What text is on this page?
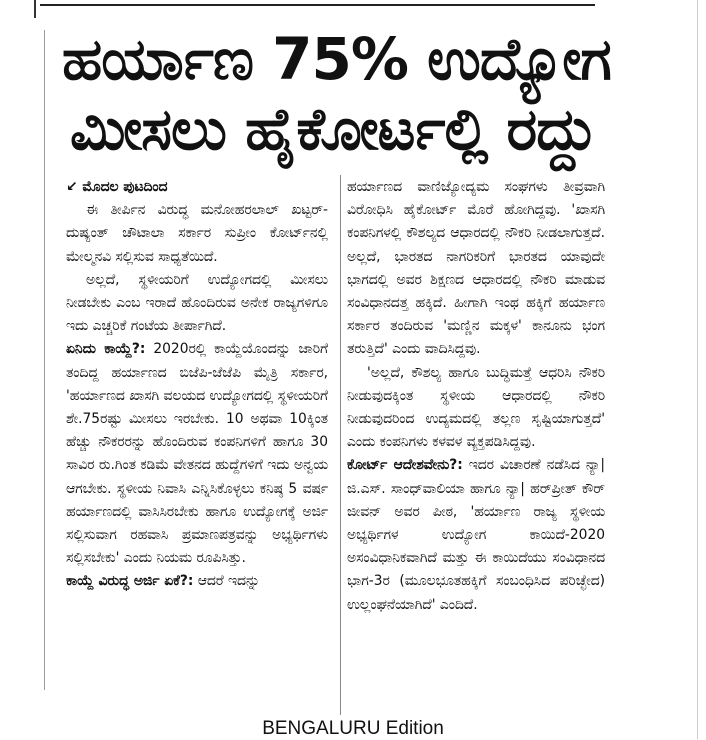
ಹರ್ಯಾಣ 75% ಉದ್ಯೋಗ
ಮೀಸಲು ಹೈಕೋರ್ಟಲ್ಲಿ ರದ್ದು

↙ ಮೊದಲ ಪುಟದಿಂದ

ಈ ತೀರ್ಪಿನ ವಿರುದ್ಧ ಮನೋಹರಲಾಲ್ ಖಟ್ಟರ್-ದುಷ್ಯಂತ್ ಚೌಟಾಲಾ ಸರ್ಕಾರ ಸುಪ್ರೀಂ ಕೋರ್ಟ್‌ನಲ್ಲಿ ಮೇಲ್ಮನವಿ ಸಲ್ಲಿಸುವ ಸಾಧ್ಯತೆಯಿದೆ.

ಅಲ್ಲದೆ, ಸ್ಥಳೀಯರಿಗೆ ಉದ್ಯೋಗದಲ್ಲಿ ಮೀಸಲು ನೀಡಬೇಕು ಎಂಬ ಇರಾದೆ ಹೊಂದಿರುವ ಅನೇಕ ರಾಜ್ಯಗಳಿಗೂ ಇದು ಎಚ್ಚರಿಕೆ ಗಂಟೆಯ ತೀರ್ಪಾಗಿದೆ.

ಏನಿದು ಕಾಯ್ದೆ?: 2020ರಲ್ಲಿ ಕಾಯ್ದೆಯೊಂದನ್ನು ಜಾರಿಗೆ ತಂದಿದ್ದ ಹರ್ಯಾಣದ ಬಿಜೆಪಿ-ಜೆಜೆಪಿ ಮೈತ್ರಿ ಸರ್ಕಾರ, 'ಹರ್ಯಾಣದ ಖಾಸಗಿ ವಲಯದ ಉದ್ಯೋಗದಲ್ಲಿ ಸ್ಥಳೀಯರಿಗೆ ಶೇ.75ರಷ್ಟು ಮೀಸಲು ಇರಬೇಕು. 10 ಅಥವಾ 10ಕ್ಕಿಂತ ಹೆಚ್ಚು ನೌಕರರನ್ನು ಹೊಂದಿರುವ ಕಂಪನಿಗಳಿಗೆ ಹಾಗೂ 30 ಸಾವಿರ ರು.ಗಿಂತ ಕಡಿಮೆ ವೇತನದ ಹುದ್ದೆಗಳಿಗೆ ಇದು ಅನ್ವಯ ಆಗಬೇಕು. ಸ್ಥಳೀಯ ನಿವಾಸಿ ಎನ್ನಿಸಿಕೊಳ್ಳಲು ಕನಿಷ್ಠ 5 ವರ್ಷ ಹರ್ಯಾಣದಲ್ಲಿ ವಾಸಿಸಿರಬೇಕು ಹಾಗೂ ಉದ್ಯೋಗಕ್ಕೆ ಅರ್ಜಿ ಸಲ್ಲಿಸುವಾಗ ರಹವಾಸಿ ಪ್ರಮಾಣಪತ್ರವನ್ನು ಅಭ್ಯರ್ಥಿಗಳು ಸಲ್ಲಿಸಬೇಕು' ಎಂದು ನಿಯಮ ರೂಪಿಸಿತ್ತು.

ಕಾಯ್ದೆ ವಿರುದ್ಧ ಅರ್ಜಿ ಏಕೆ?: ಆದರೆ ಇದನ್ನು

ಹರ್ಯಾಣದ ವಾಣಿಜ್ಯೋದ್ಯಮ ಸಂಘಗಳು ತೀವ್ರವಾಗಿ ವಿರೋಧಿಸಿ ಹೈಕೋರ್ಟ್ ಮೊರೆ ಹೋಗಿದ್ದವು. 'ಖಾಸಗಿ ಕಂಪನಿಗಳಲ್ಲಿ ಕೌಶಲ್ಯದ ಆಧಾರದಲ್ಲಿ ನೌಕರಿ ನೀಡಲಾಗುತ್ತದೆ. ಅಲ್ಲದೆ, ಭಾರತದ ನಾಗರಿಕರಿಗೆ ಭಾರತದ ಯಾವುದೇ ಭಾಗದಲ್ಲಿ ಅವರ ಶಿಕ್ಷಣದ ಆಧಾರದಲ್ಲಿ ನೌಕರಿ ಮಾಡುವ ಸಂವಿಧಾನದತ್ತ ಹಕ್ಕಿದೆ. ಹೀಗಾಗಿ ಇಂಥ ಹಕ್ಕಿಗೆ ಹರ್ಯಾಣ ಸರ್ಕಾರ ತಂದಿರುವ 'ಮಣ್ಣಿನ ಮಕ್ಕಳ' ಕಾನೂನು ಭಂಗ ತರುತ್ತಿದೆ' ಎಂದು ವಾದಿಸಿದ್ದವು.

'ಅಲ್ಲದೆ, ಕೌಶಲ್ಯ ಹಾಗೂ ಬುದ್ಧಿಮತ್ತೆ ಆಧರಿಸಿ ನೌಕರಿ ನೀಡುವುದಕ್ಕಿಂತ ಸ್ಥಳೀಯ ಆಧಾರದಲ್ಲಿ ನೌಕರಿ ನೀಡುವುದರಿಂದ ಉದ್ಯಮದಲ್ಲಿ ತಲ್ಲಣ ಸೃಷ್ಟಿಯಾಗುತ್ತದೆ' ಎಂದು ಕಂಪನಿಗಳು ಕಳವಳ ವ್ಯಕ್ತಪಡಿಸಿದ್ದವು.

ಕೋರ್ಟ್ ಆದೇಶವೇನು?: ಇದರ ವಿಚಾರಣೆ ನಡೆಸಿದ ನ್ಯಾ| ಜಿ.ಎಸ್. ಸಾಂಧ್‌ವಾಲಿಯಾ ಹಾಗೂ ನ್ಯಾ| ಹರ್‌ಪ್ರೀತ್ ಕೌರ್ ಜೀವನ್ ಅವರ ಪೀಠ, 'ಹರ್ಯಾಣ ರಾಜ್ಯ ಸ್ಥಳೀಯ ಅಭ್ಯರ್ಥಿಗಳ ಉದ್ಯೋಗ ಕಾಯಿದೆ-2020 ಅಸಂವಿಧಾನಿಕವಾಗಿದೆ ಮತ್ತು ಈ ಕಾಯಿದೆಯು ಸಂವಿಧಾನದ ಭಾಗ-3ರ (ಮೂಲಭೂತಹಕ್ಕಿಗೆ ಸಂಬಂಧಿಸಿದ ಪರಿಚ್ಛೇದ) ಉಲ್ಲಂಘನೆಯಾಗಿದೆ' ಎಂದಿದೆ.

BENGALURU Edition
